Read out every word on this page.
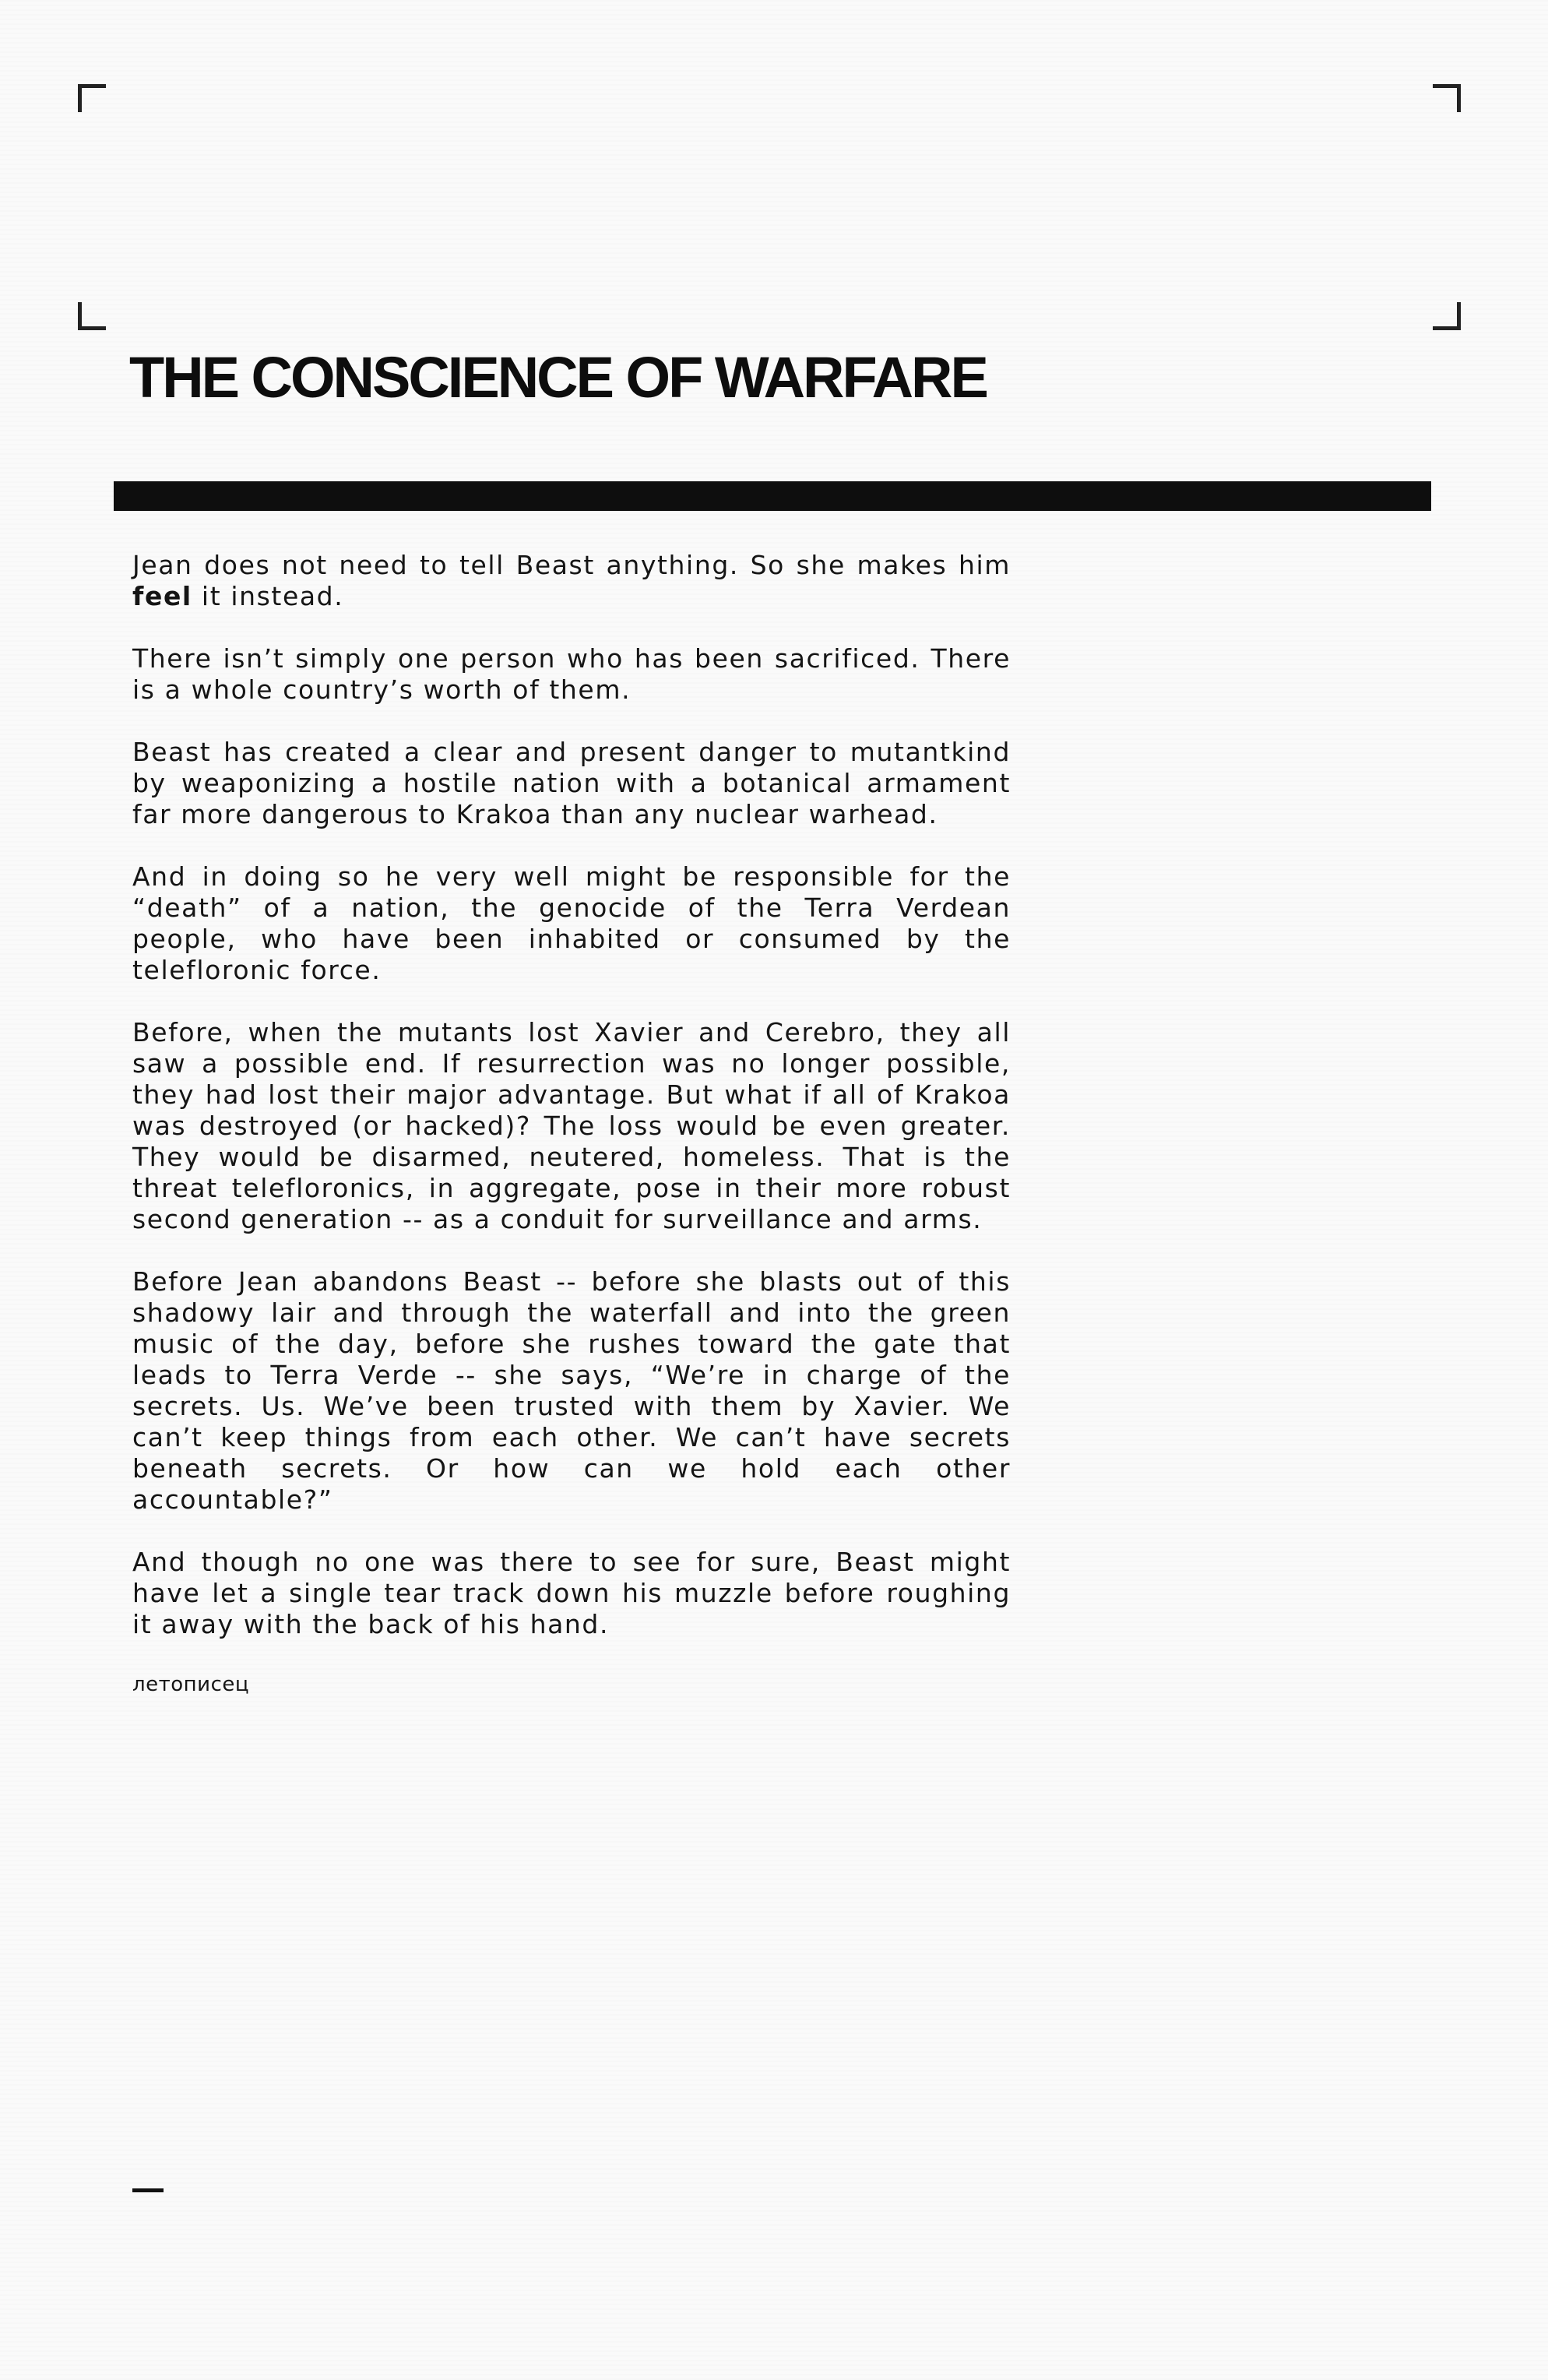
THE CONSCIENCE OF WARFARE

Jean does not need to tell Beast anything. So she makes him feel it instead.

There isn’t simply one person who has been sacrificed. There is a whole country’s worth of them.

Beast has created a clear and present danger to mutantkind by weaponizing a hostile nation with a botanical armament far more dangerous to Krakoa than any nuclear warhead.

And in doing so he very well might be responsible for the “death” of a nation, the genocide of the Terra Verdean people, who have been inhabited or consumed by the telefloronic force.

Before, when the mutants lost Xavier and Cerebro, they all saw a possible end. If resurrection was no longer possible, they had lost their major advantage. But what if all of Krakoa was destroyed (or hacked)? The loss would be even greater. They would be disarmed, neutered, homeless. That is the threat telefloronics, in aggregate, pose in their more robust second generation -- as a conduit for surveillance and arms.

Before Jean abandons Beast -- before she blasts out of this shadowy lair and through the waterfall and into the green music of the day, before she rushes toward the gate that leads to Terra Verde -- she says, “We’re in charge of the secrets. Us. We’ve been trusted with them by Xavier. We can’t keep things from each other. We can’t have secrets beneath secrets. Or how can we hold each other accountable?”

And though no one was there to see for sure, Beast might have let a single tear track down his muzzle before roughing it away with the back of his hand.

летописец
